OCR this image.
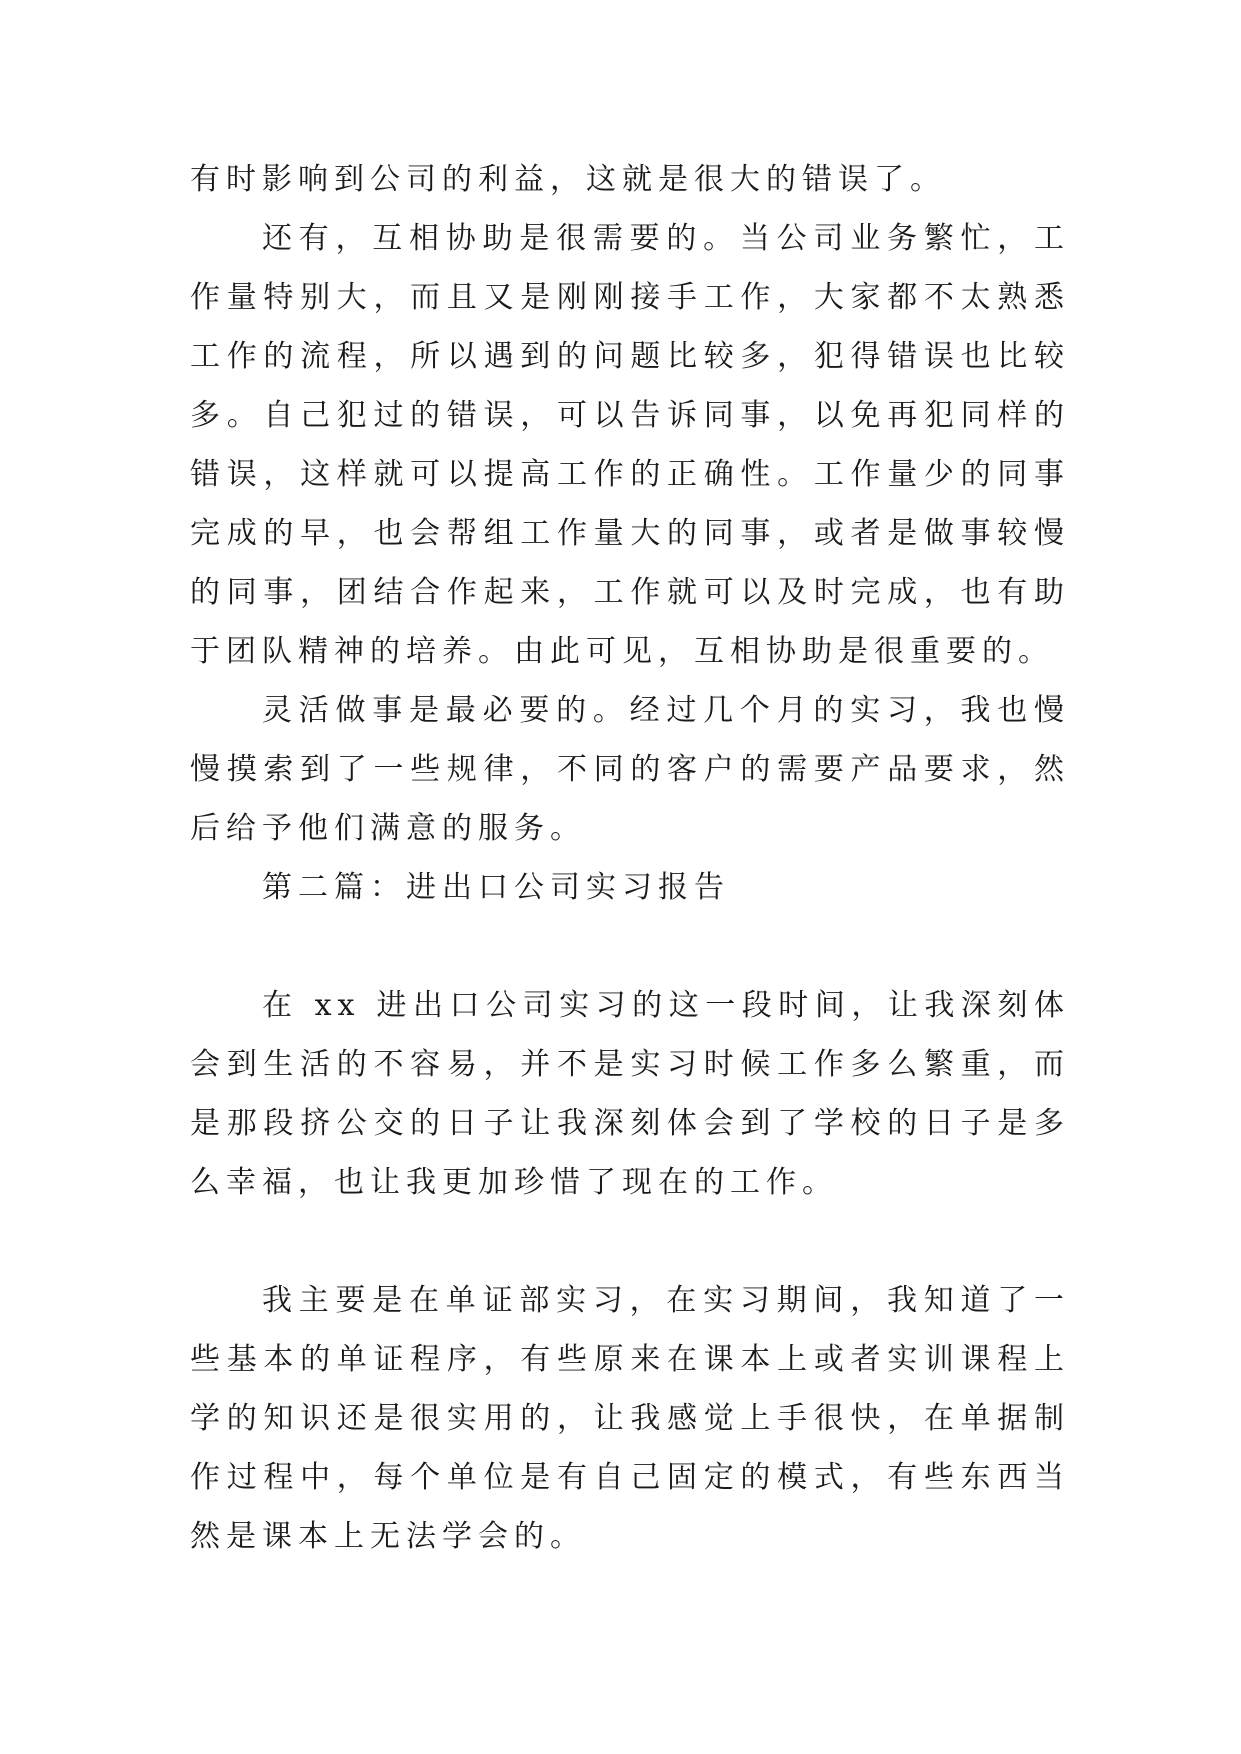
有时影响到公司的利益，这就是很大的错误了。

还有，互相协助是很需要的。当公司业务繁忙，工作量特别大，而且又是刚刚接手工作，大家都不太熟悉工作的流程，所以遇到的问题比较多，犯得错误也比较多。自己犯过的错误，可以告诉同事，以免再犯同样的错误，这样就可以提高工作的正确性。工作量少的同事完成的早，也会帮组工作量大的同事，或者是做事较慢的同事，团结合作起来，工作就可以及时完成，也有助于团队精神的培养。由此可见，互相协助是很重要的。

灵活做事是最必要的。经过几个月的实习，我也慢慢摸索到了一些规律，不同的客户的需要产品要求，然后给予他们满意的服务。

第二篇：进出口公司实习报告

在 xx 进出口公司实习的这一段时间，让我深刻体会到生活的不容易，并不是实习时候工作多么繁重，而是那段挤公交的日子让我深刻体会到了学校的日子是多么幸福，也让我更加珍惜了现在的工作。

我主要是在单证部实习，在实习期间，我知道了一些基本的单证程序，有些原来在课本上或者实训课程上学的知识还是很实用的，让我感觉上手很快，在单据制作过程中，每个单位是有自己固定的模式，有些东西当然是课本上无法学会的。
